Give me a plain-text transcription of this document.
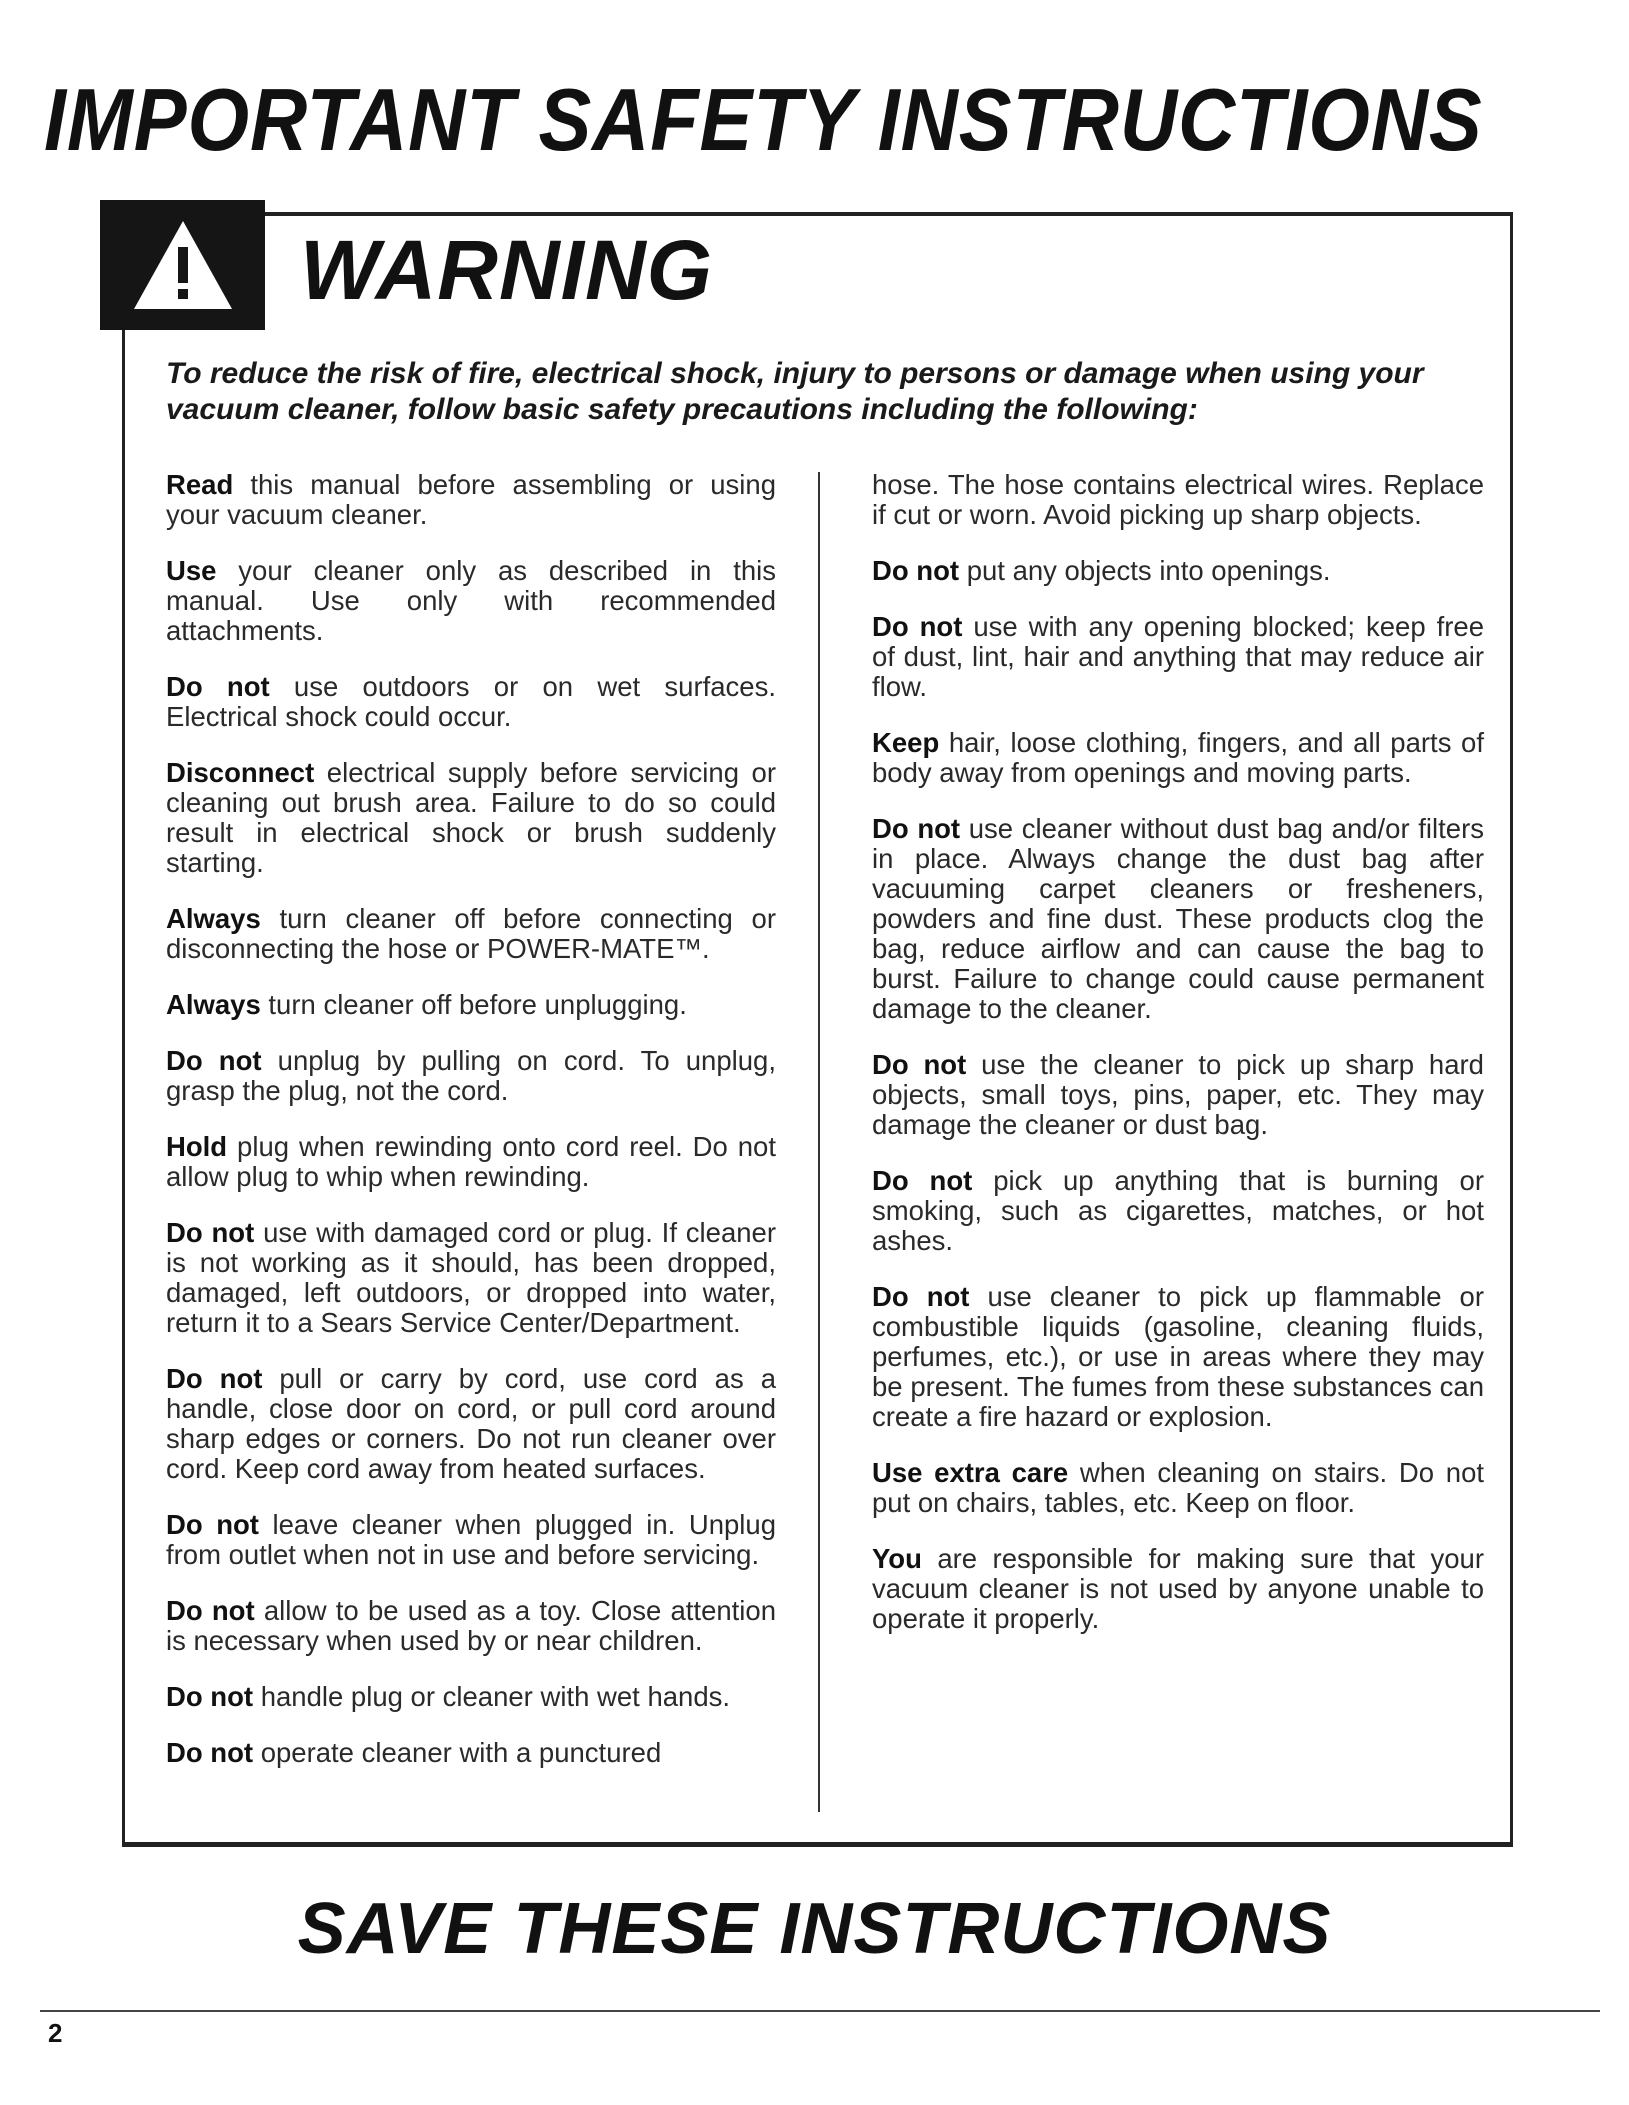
IMPORTANT SAFETY INSTRUCTIONS
WARNING
To reduce the risk of fire, electrical shock, injury to persons or damage when using your vacuum cleaner, follow basic safety precautions including the following:

Read this manual before assembling or using your vacuum cleaner.

Use your cleaner only as described in this manual. Use only with recommended attachments.

Do not use outdoors or on wet surfaces. Electrical shock could occur.

Disconnect electrical supply before servicing or cleaning out brush area. Failure to do so could result in electrical shock or brush suddenly starting.

Always turn cleaner off before connecting or disconnecting the hose or POWER-MATE™.

Always turn cleaner off before unplugging.

Do not unplug by pulling on cord. To unplug, grasp the plug, not the cord.

Hold plug when rewinding onto cord reel. Do not allow plug to whip when rewinding.

Do not use with damaged cord or plug. If cleaner is not working as it should, has been dropped, damaged, left outdoors, or dropped into water, return it to a Sears Service Center/Department.

Do not pull or carry by cord, use cord as a handle, close door on cord, or pull cord around sharp edges or corners. Do not run cleaner over cord. Keep cord away from heated surfaces.

Do not leave cleaner when plugged in. Unplug from outlet when not in use and before servicing.

Do not allow to be used as a toy. Close attention is necessary when used by or near children.

Do not handle plug or cleaner with wet hands.

Do not operate cleaner with a punctured

hose. The hose contains electrical wires. Replace if cut or worn. Avoid picking up sharp objects.

Do not put any objects into openings.

Do not use with any opening blocked; keep free of dust, lint, hair and anything that may reduce air flow.

Keep hair, loose clothing, fingers, and all parts of body away from openings and moving parts.

Do not use cleaner without dust bag and/or filters in place. Always change the dust bag after vacuuming carpet cleaners or fresheners, powders and fine dust. These products clog the bag, reduce airflow and can cause the bag to burst. Failure to change could cause permanent damage to the cleaner.

Do not use the cleaner to pick up sharp hard objects, small toys, pins, paper, etc. They may damage the cleaner or dust bag.

Do not pick up anything that is burning or smoking, such as cigarettes, matches, or hot ashes.

Do not use cleaner to pick up flammable or combustible liquids (gasoline, cleaning fluids, perfumes, etc.), or use in areas where they may be present. The fumes from these substances can create a fire hazard or explosion.

Use extra care when cleaning on stairs. Do not put on chairs, tables, etc. Keep on floor.

You are responsible for making sure that your vacuum cleaner is not used by anyone unable to operate it properly.

SAVE THESE INSTRUCTIONS
2
